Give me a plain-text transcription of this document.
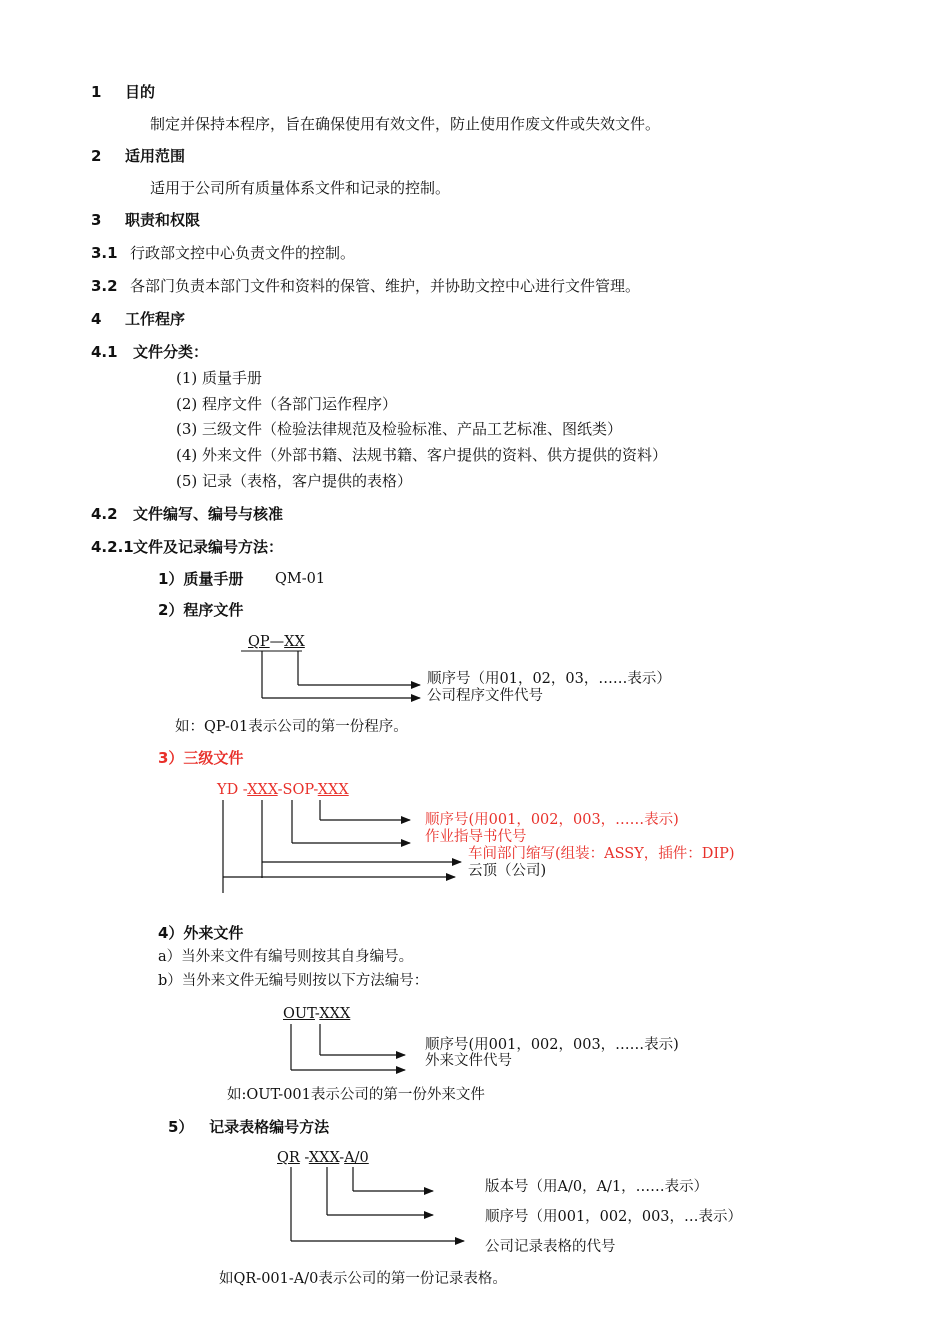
1 目的
制定并保持本程序，旨在确保使用有效文件，防止使用作废文件或失效文件。
2 适用范围
适用于公司所有质量体系文件和记录的控制。
3 职责和权限
3.1 行政部文控中心负责文件的控制。
3.2 各部门负责本部门文件和资料的保管、维护，并协助文控中心进行文件管理。
4 工作程序
4.1 文件分类：
(1) 质量手册
(2) 程序文件（各部门运作程序）
(3) 三级文件（检验法律规范及检验标准、产品工艺标准、图纸类）
(4) 外来文件（外部书籍、法规书籍、客户提供的资料、供方提供的资料）
(5) 记录（表格，客户提供的表格）
4.2 文件编写、编号与核准
4.2.1 文件及记录编号方法：
1）质量手册 QM-01
2）程序文件
QP—XX
顺序号（用01，02，03，……表示）
公司程序文件代号
如：QP-01表示公司的第一份程序。
3）三级文件
YD -XXX-SOP-XXX
顺序号(用001，002，003，……表示)
作业指导书代号
车间部门缩写(组装：ASSY，插件：DIP)
云顶（公司)
4）外来文件
a）当外来文件有编号则按其自身编号。
b）当外来文件无编号则按以下方法编号：
OUT-XXX
顺序号(用001，002，003，……表示)
外来文件代号
如:OUT-001表示公司的第一份外来文件
5）   记录表格编号方法
QR -XXX-A/0
版本号（用A/0，A/1，……表示）
顺序号（用001，002，003，…表示）
公司记录表格的代号
如QR-001-A/0表示公司的第一份记录表格。
